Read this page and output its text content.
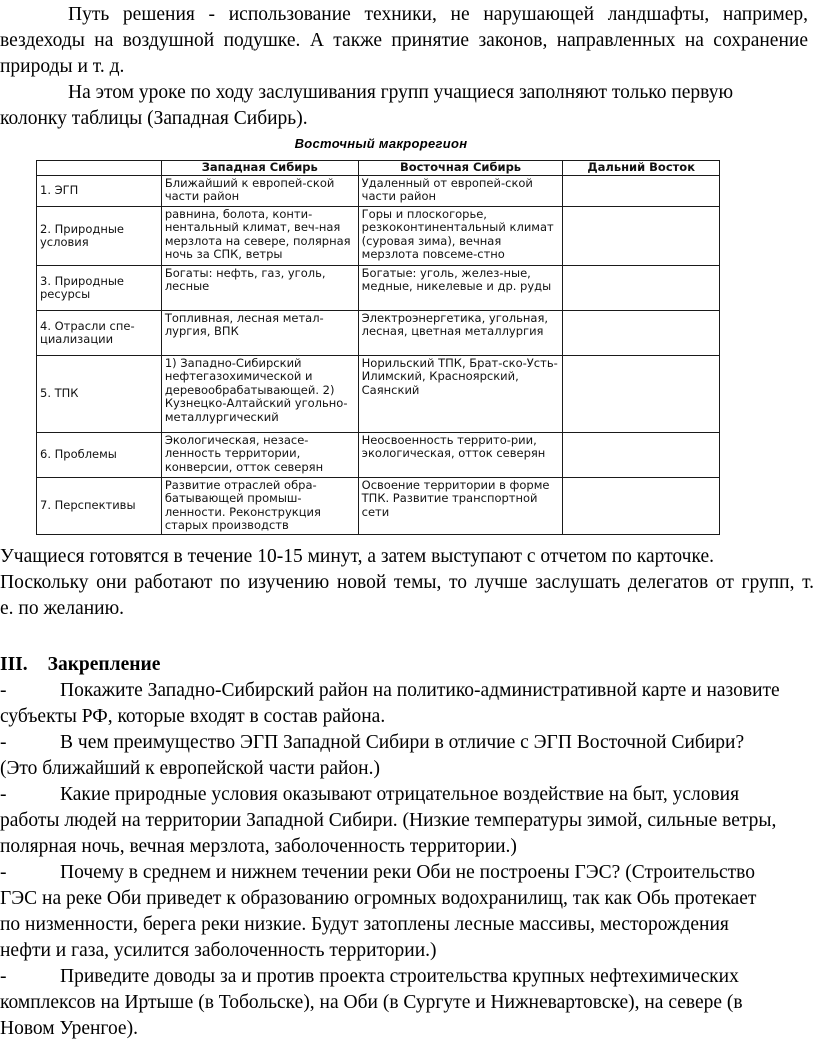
Путь решения - использование техники, не нарушающей ландшафты, например,
вездеходы на воздушной подушке. А также принятие законов, направленных на сохранение
природы и т. д.
На этом уроке по ходу заслушивания групп учащиеся заполняют только первую
колонку таблицы (Западная Сибирь).
Восточный макрорегион
	Западная Сибирь	Восточная Сибирь	Дальний Восток
1. ЭГП	Ближайший к европей-ской части район	Удаленный от европей-ской части район	
2. Природные условия	равнина, болота, конти-нентальный климат, веч-ная мерзлота на севере, полярная ночь за СПК, ветры	Горы и плоскогорье, резкоконтинентальный климат (суровая зима), вечная мерзлота повсеме-стно	
3. Природные ресурсы	Богаты: нефть, газ, уголь, лесные	Богатые: уголь, желез-ные, медные, никелевые и др. руды	
4. Отрасли спе-циализации	Топливная, лесная метал-лургия, ВПК	Электроэнергетика, угольная, лесная, цветная металлургия	
5. ТПК	1) Западно-Сибирский нефтегазохимической и деревообрабатывающей. 2) Кузнецко-Алтайский угольно-металлургический	Норильский ТПК, Брат-ско-Усть-Илимский, Красноярский, Саянский	
6. Проблемы	Экологическая, незасе-ленность территории, конверсии, отток северян	Неосвоенность террито-рии, экологическая, отток северян	
7. Перспективы	Развитие отраслей обра-батывающей промыш-ленности. Реконструкция старых производств	Освоение территории в форме ТПК. Развитие транспортной сети	
Учащиеся готовятся в течение 10-15 минут, а затем выступают с отчетом по карточке.
Поскольку они работают по изучению новой темы, то лучше заслушать делегатов от групп, т.
е. по желанию.
III. Закрепление
-	Покажите Западно-Сибирский район на политико-административной карте и назовите
субъекты РФ, которые входят в состав района.
-	В чем преимущество ЭГП Западной Сибири в отличие с ЭГП Восточной Сибири?
(Это ближайший к европейской части район.)
-	Какие природные условия оказывают отрицательное воздействие на быт, условия
работы людей на территории Западной Сибири. (Низкие температуры зимой, сильные ветры,
полярная ночь, вечная мерзлота, заболоченность территории.)
-	Почему в среднем и нижнем течении реки Оби не построены ГЭС? (Строительство
ГЭС на реке Оби приведет к образованию огромных водохранилищ, так как Обь протекает
по низменности, берега реки низкие. Будут затоплены лесные массивы, месторождения
нефти и газа, усилится заболоченность территории.)
-	Приведите доводы за и против проекта строительства крупных нефтехимических
комплексов на Иртыше (в Тобольске), на Оби (в Сургуте и Нижневартовске), на севере (в
Новом Уренгое).
